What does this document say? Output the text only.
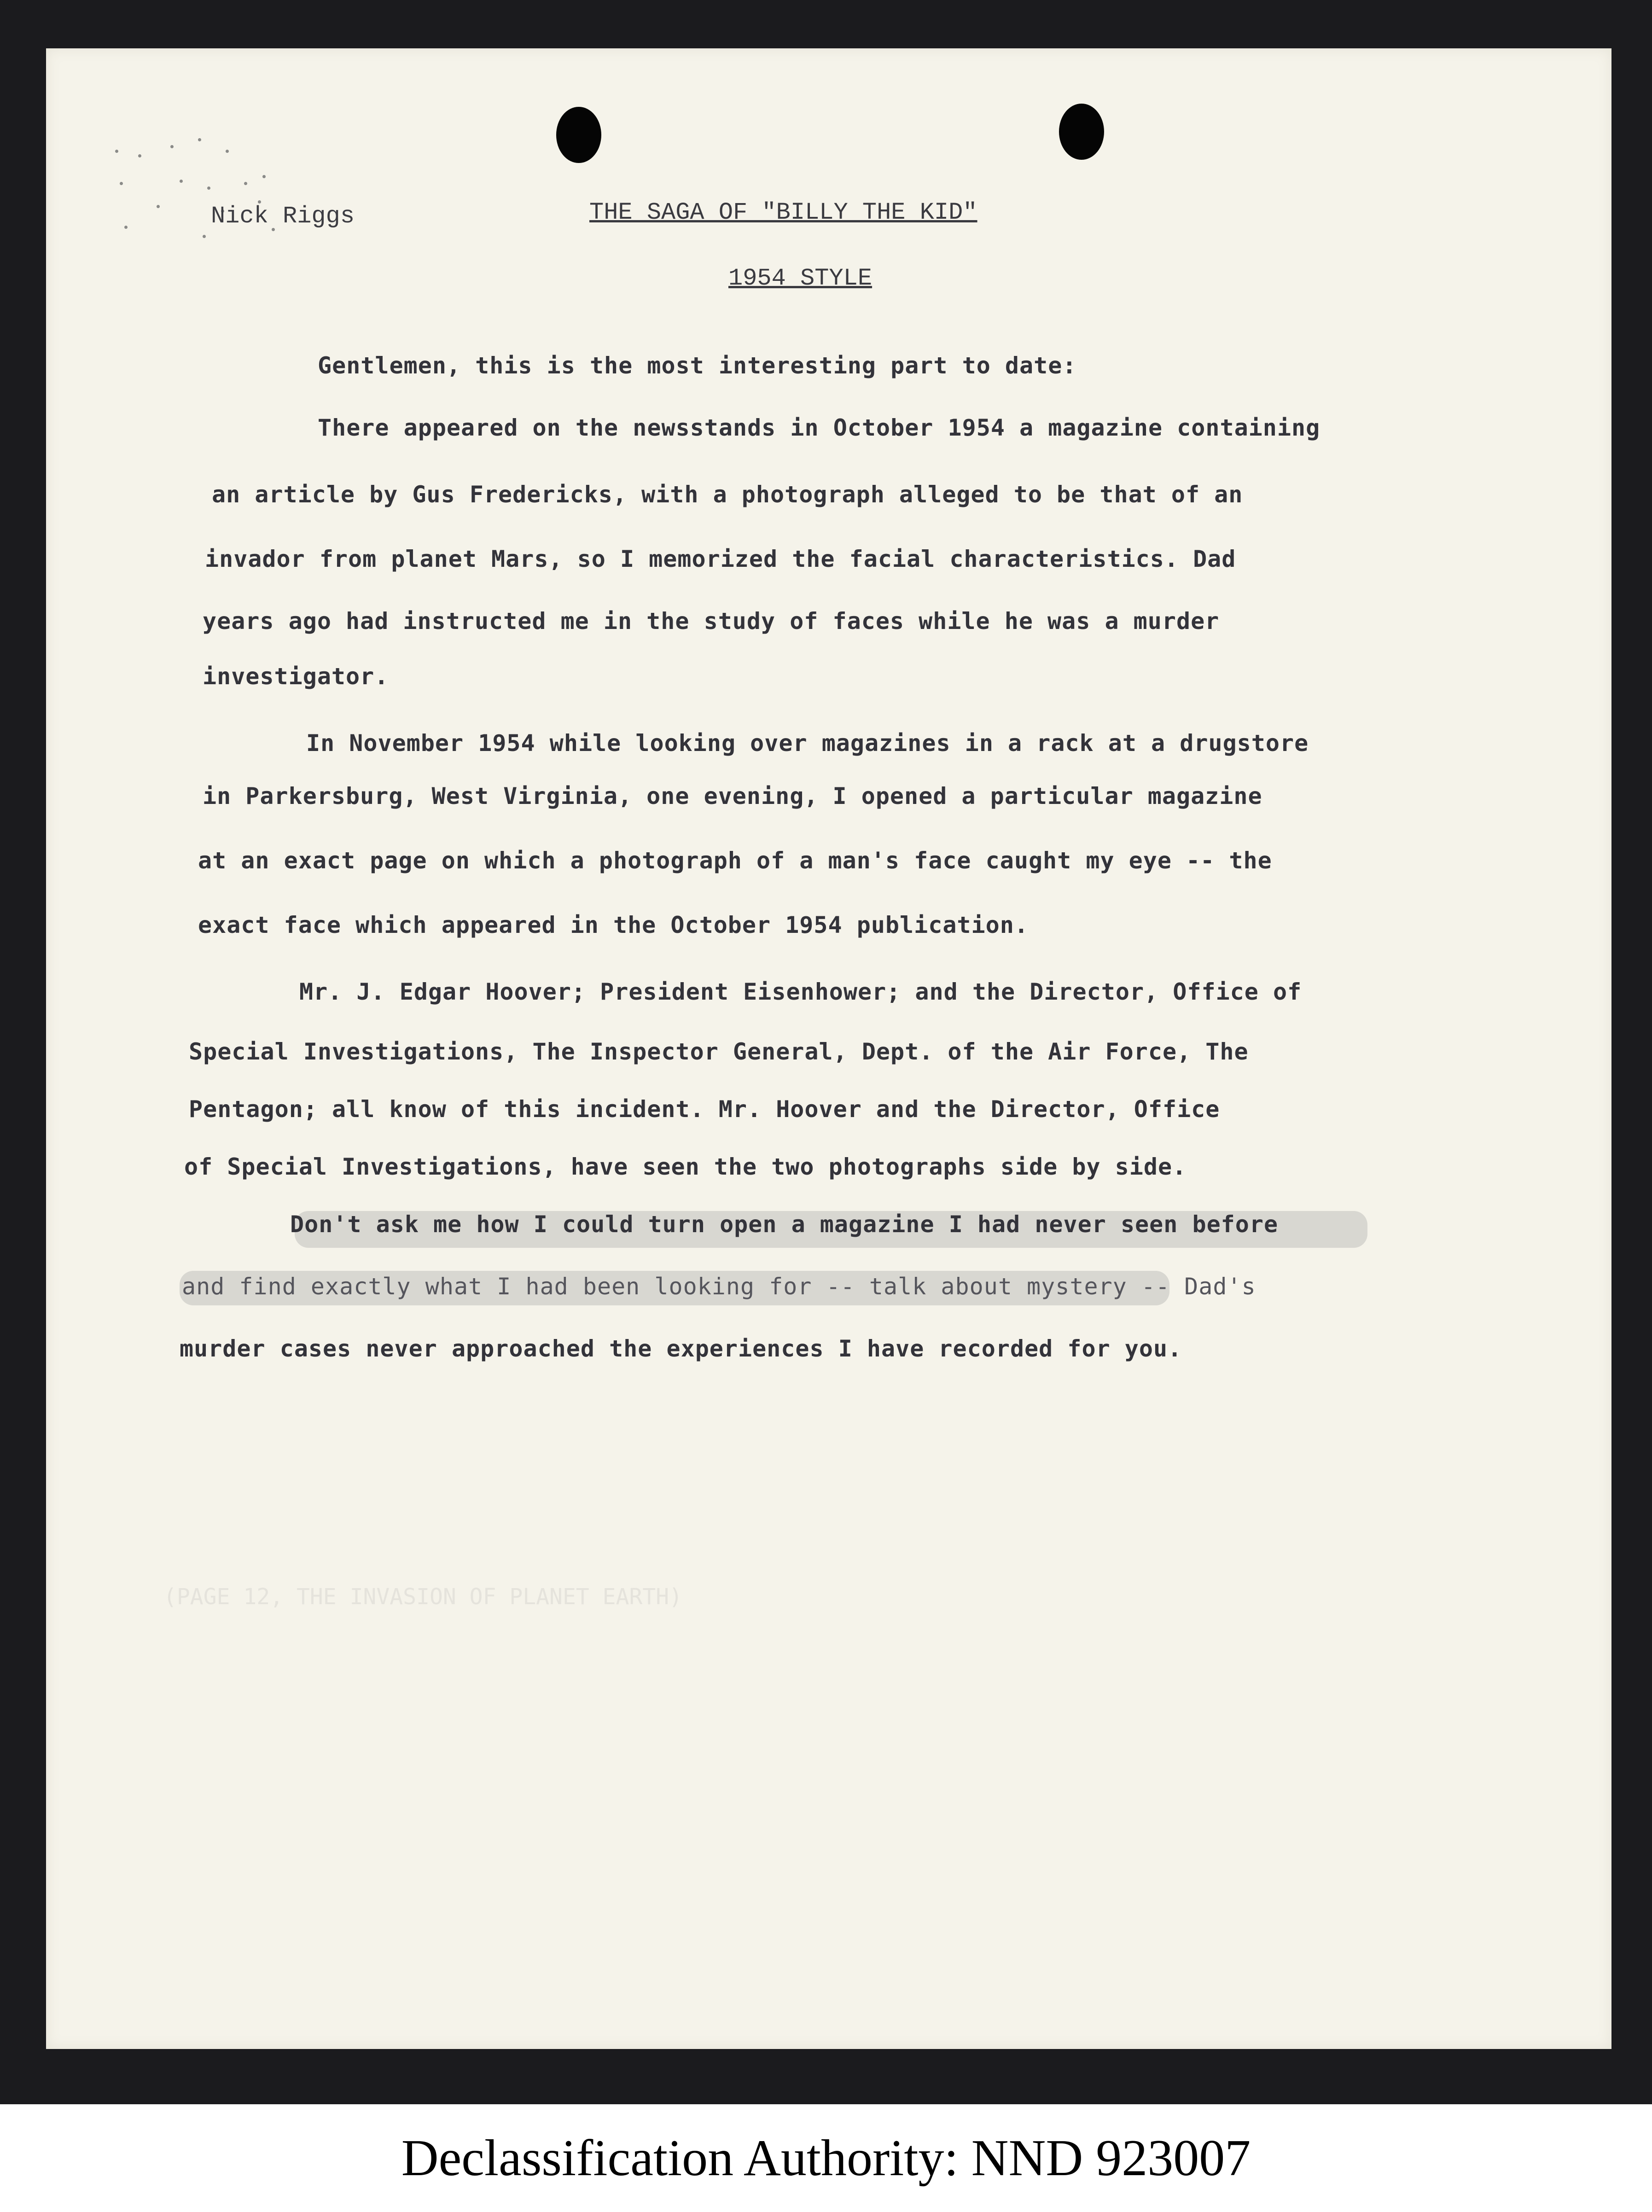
Nick Riggs	THE SAGA OF "BILLY THE KID"
1954 STYLE
Gentlemen, this is the most interesting part to date:
There appeared on the newsstands in October 1954 a magazine containing
an article by Gus Fredericks, with a photograph alleged to be that of an
invador from planet Mars, so I memorized the facial characteristics. Dad
years ago had instructed me in the study of faces while he was a murder
investigator.
In November 1954 while looking over magazines in a rack at a drugstore
in Parkersburg, West Virginia, one evening, I opened a particular magazine
at an exact page on which a photograph of a man's face caught my eye -- the
exact face which appeared in the October 1954 publication.
Mr. J. Edgar Hoover; President Eisenhower; and the Director, Office of
Special Investigations, The Inspector General, Dept. of the Air Force, The
Pentagon; all know of this incident. Mr. Hoover and the Director, Office
of Special Investigations, have seen the two photographs side by side.
Don't ask me how I could turn open a magazine I had never seen before
and find exactly what I had been looking for -- talk about mystery -- Dad's
murder cases never approached the experiences I have recorded for you.
(PAGE 12, THE INVASION OF PLANET EARTH)
Declassification Authority: NND 923007
